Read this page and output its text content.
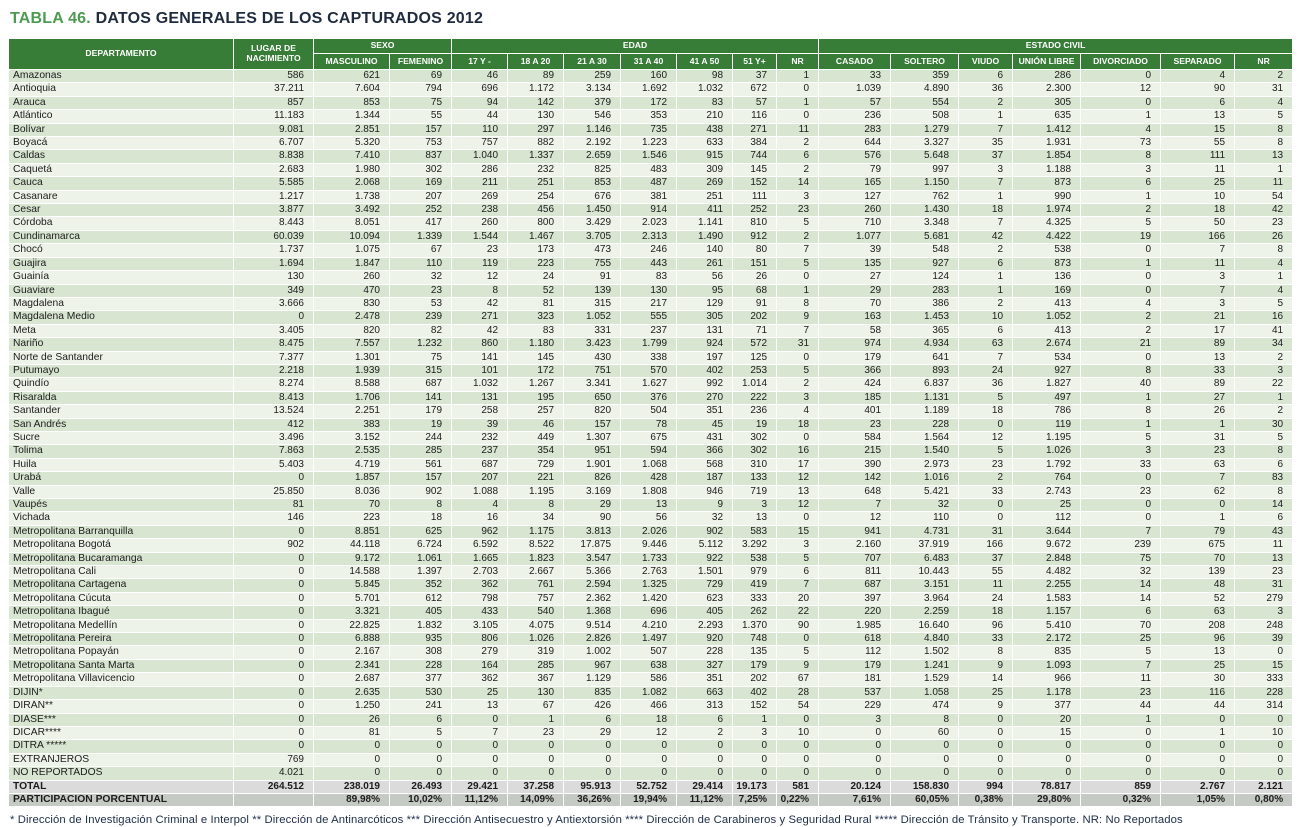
TABLA 46. DATOS GENERALES DE LOS CAPTURADOS 2012
DEPARTAMENTO	LUGAR DE NACIMIENTO	SEXO		EDAD							ESTADO CIVIL						
		MASCULINO	FEMENINO	17 Y -	18 A 20	21 A 30	31 A 40	41 A 50	51 Y+	NR	CASADO	SOLTERO	VIUDO	UNIÓN LIBRE	DIVORCIADO	SEPARADO	NR
Amazonas	586	621	69	46	89	259	160	98	37	1	33	359	6	286	0	4	2
Antioquia	37.211	7.604	794	696	1.172	3.134	1.692	1.032	672	0	1.039	4.890	36	2.300	12	90	31
Arauca	857	853	75	94	142	379	172	83	57	1	57	554	2	305	0	6	4
Atlántico	11.183	1.344	55	44	130	546	353	210	116	0	236	508	1	635	1	13	5
Bolívar	9.081	2.851	157	110	297	1.146	735	438	271	11	283	1.279	7	1.412	4	15	8
Boyacá	6.707	5.320	753	757	882	2.192	1.223	633	384	2	644	3.327	35	1.931	73	55	8
Caldas	8.838	7.410	837	1.040	1.337	2.659	1.546	915	744	6	576	5.648	37	1.854	8	111	13
Caquetá	2.683	1.980	302	286	232	825	483	309	145	2	79	997	3	1.188	3	11	1
Cauca	5.585	2.068	169	211	251	853	487	269	152	14	165	1.150	7	873	6	25	11
Casanare	1.217	1.738	207	269	254	676	381	251	111	3	127	762	1	990	1	10	54
Cesar	3.877	3.492	252	238	456	1.450	914	411	252	23	260	1.430	18	1.974	2	18	42
Córdoba	8.443	8.051	417	260	800	3.429	2.023	1.141	810	5	710	3.348	7	4.325	5	50	23
Cundinamarca	60.039	10.094	1.339	1.544	1.467	3.705	2.313	1.490	912	2	1.077	5.681	42	4.422	19	166	26
Chocó	1.737	1.075	67	23	173	473	246	140	80	7	39	548	2	538	0	7	8
Guajira	1.694	1.847	110	119	223	755	443	261	151	5	135	927	6	873	1	11	4
Guainía	130	260	32	12	24	91	83	56	26	0	27	124	1	136	0	3	1
Guaviare	349	470	23	8	52	139	130	95	68	1	29	283	1	169	0	7	4
Magdalena	3.666	830	53	42	81	315	217	129	91	8	70	386	2	413	4	3	5
Magdalena Medio	0	2.478	239	271	323	1.052	555	305	202	9	163	1.453	10	1.052	2	21	16
Meta	3.405	820	82	42	83	331	237	131	71	7	58	365	6	413	2	17	41
Nariño	8.475	7.557	1.232	860	1.180	3.423	1.799	924	572	31	974	4.934	63	2.674	21	89	34
Norte de Santander	7.377	1.301	75	141	145	430	338	197	125	0	179	641	7	534	0	13	2
Putumayo	2.218	1.939	315	101	172	751	570	402	253	5	366	893	24	927	8	33	3
Quindío	8.274	8.588	687	1.032	1.267	3.341	1.627	992	1.014	2	424	6.837	36	1.827	40	89	22
Risaralda	8.413	1.706	141	131	195	650	376	270	222	3	185	1.131	5	497	1	27	1
Santander	13.524	2.251	179	258	257	820	504	351	236	4	401	1.189	18	786	8	26	2
San Andrés	412	383	19	39	46	157	78	45	19	18	23	228	0	119	1	1	30
Sucre	3.496	3.152	244	232	449	1.307	675	431	302	0	584	1.564	12	1.195	5	31	5
Tolima	7.863	2.535	285	237	354	951	594	366	302	16	215	1.540	5	1.026	3	23	8
Huila	5.403	4.719	561	687	729	1.901	1.068	568	310	17	390	2.973	23	1.792	33	63	6
Urabá	0	1.857	157	207	221	826	428	187	133	12	142	1.016	2	764	0	7	83
Valle	25.850	8.036	902	1.088	1.195	3.169	1.808	946	719	13	648	5.421	33	2.743	23	62	8
Vaupés	81	70	8	4	8	29	13	9	3	12	7	32	0	25	0	0	14
Vichada	146	223	18	16	34	90	56	32	13	0	12	110	0	112	0	1	6
Metropolitana Barranquilla	0	8.851	625	962	1.175	3.813	2.026	902	583	15	941	4.731	31	3.644	7	79	43
Metropolitana Bogotá	902	44.118	6.724	6.592	8.522	17.875	9.446	5.112	3.292	3	2.160	37.919	166	9.672	239	675	11
Metropolitana Bucaramanga	0	9.172	1.061	1.665	1.823	3.547	1.733	922	538	5	707	6.483	37	2.848	75	70	13
Metropolitana Cali	0	14.588	1.397	2.703	2.667	5.366	2.763	1.501	979	6	811	10.443	55	4.482	32	139	23
Metropolitana Cartagena	0	5.845	352	362	761	2.594	1.325	729	419	7	687	3.151	11	2.255	14	48	31
Metropolitana Cúcuta	0	5.701	612	798	757	2.362	1.420	623	333	20	397	3.964	24	1.583	14	52	279
Metropolitana Ibagué	0	3.321	405	433	540	1.368	696	405	262	22	220	2.259	18	1.157	6	63	3
Metropolitana Medellín	0	22.825	1.832	3.105	4.075	9.514	4.210	2.293	1.370	90	1.985	16.640	96	5.410	70	208	248
Metropolitana Pereira	0	6.888	935	806	1.026	2.826	1.497	920	748	0	618	4.840	33	2.172	25	96	39
Metropolitana Popayán	0	2.167	308	279	319	1.002	507	228	135	5	112	1.502	8	835	5	13	0
Metropolitana Santa Marta	0	2.341	228	164	285	967	638	327	179	9	179	1.241	9	1.093	7	25	15
Metropolitana Villavicencio	0	2.687	377	362	367	1.129	586	351	202	67	181	1.529	14	966	11	30	333
DIJIN*	0	2.635	530	25	130	835	1.082	663	402	28	537	1.058	25	1.178	23	116	228
DIRÁN**	0	1.250	241	13	67	426	466	313	152	54	229	474	9	377	44	44	314
DIASE***	0	26	6	0	1	6	18	6	1	0	3	8	0	20	1	0	0
DICAR****	0	81	5	7	23	29	12	2	3	10	0	60	0	15	0	1	10
DITRA *****	0	0	0	0	0	0	0	0	0	0	0	0	0	0	0	0	0
EXTRANJEROS	769	0	0	0	0	0	0	0	0	0	0	0	0	0	0	0	0
NO REPORTADOS	4.021	0	0	0	0	0	0	0	0	0	0	0	0	0	0	0	0
TOTAL	264.512	238.019	26.493	29.421	37.258	95.913	52.752	29.414	19.173	581	20.124	158.830	994	78.817	859	2.767	2.121
PARTICIPACIÓN PORCENTUAL		89,98%	10,02%	11,12%	14,09%	36,26%	19,94%	11,12%	7,25%	0,22%	7,61%	60,05%	0,38%	29,80%	0,32%	1,05%	0,80%
* Dirección de Investigación Criminal e Interpol ** Dirección de Antinarcóticos *** Dirección Antisecuestro y Antiextorsión **** Dirección de Carabineros y Seguridad Rural ***** Dirección de Tránsito y Transporte. NR: No Reportados
